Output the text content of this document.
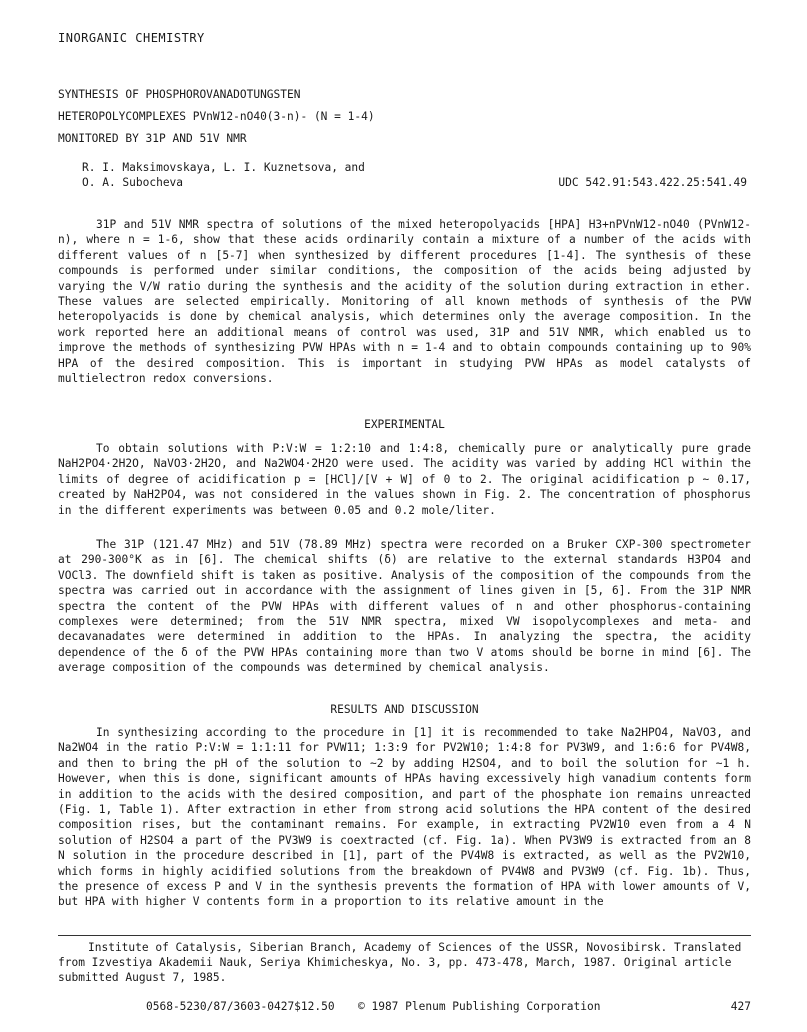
INORGANIC CHEMISTRY
SYNTHESIS OF PHOSPHOROVANADOTUNGSTEN
HETEROPOLYCOMPLEXES PVnW12-nO40(3-n)- (N = 1-4)
MONITORED BY 31P AND 51V NMR
R. I. Maksimovskaya, L. I. Kuznetsova, and
O. A. Subocheva	UDC 542.91:543.422.25:541.49

31P and 51V NMR spectra of solutions of the mixed heteropolyacids [HPA] H3+nPVnW12-nO40 (PVnW12-n), where n = 1-6, show that these acids ordinarily contain a mixture of a number of the acids with different values of n [5-7] when synthesized by different procedures [1-4]. The synthesis of these compounds is performed under similar conditions, the composition of the acids being adjusted by varying the V/W ratio during the synthesis and the acidity of the solution during extraction in ether. These values are selected empirically. Monitoring of all known methods of synthesis of the PVW heteropolyacids is done by chemical analysis, which determines only the average composition. In the work reported here an additional means of control was used, 31P and 51V NMR, which enabled us to improve the methods of synthesizing PVW HPAs with n = 1-4 and to obtain compounds containing up to 90% HPA of the desired composition. This is important in studying PVW HPAs as model catalysts of multielectron redox conversions.

EXPERIMENTAL

To obtain solutions with P:V:W = 1:2:10 and 1:4:8, chemically pure or analytically pure grade NaH2PO4·2H2O, NaVO3·2H2O, and Na2WO4·2H2O were used. The acidity was varied by adding HCl within the limits of degree of acidification p = [HCl]/[V + W] of 0 to 2. The original acidification p ~ 0.17, created by NaH2PO4, was not considered in the values shown in Fig. 2. The concentration of phosphorus in the different experiments was between 0.05 and 0.2 mole/liter.

The 31P (121.47 MHz) and 51V (78.89 MHz) spectra were recorded on a Bruker CXP-300 spectrometer at 290-300°K as in [6]. The chemical shifts (δ) are relative to the external standards H3PO4 and VOCl3. The downfield shift is taken as positive. Analysis of the composition of the compounds from the spectra was carried out in accordance with the assignment of lines given in [5, 6]. From the 31P NMR spectra the content of the PVW HPAs with different values of n and other phosphorus-containing complexes were determined; from the 51V NMR spectra, mixed VW isopolycomplexes and meta- and decavanadates were determined in addition to the HPAs. In analyzing the spectra, the acidity dependence of the δ of the PVW HPAs containing more than two V atoms should be borne in mind [6]. The average composition of the compounds was determined by chemical analysis.

RESULTS AND DISCUSSION

In synthesizing according to the procedure in [1] it is recommended to take Na2HPO4, NaVO3, and Na2WO4 in the ratio P:V:W = 1:1:11 for PVW11; 1:3:9 for PV2W10; 1:4:8 for PV3W9, and 1:6:6 for PV4W8, and then to bring the pH of the solution to ~2 by adding H2SO4, and to boil the solution for ~1 h. However, when this is done, significant amounts of HPAs having excessively high vanadium contents form in addition to the acids with the desired composition, and part of the phosphate ion remains unreacted (Fig. 1, Table 1). After extraction in ether from strong acid solutions the HPA content of the desired composition rises, but the contaminant remains. For example, in extracting PV2W10 even from a 4 N solution of H2SO4 a part of the PV3W9 is coextracted (cf. Fig. 1a). When PV3W9 is extracted from an 8 N solution in the procedure described in [1], part of the PV4W8 is extracted, as well as the PV2W10, which forms in highly acidified solutions from the breakdown of PV4W8 and PV3W9 (cf. Fig. 1b). Thus, the presence of excess P and V in the synthesis prevents the formation of HPA with lower amounts of V, but HPA with higher V contents form in a proportion to its relative amount in the

Institute of Catalysis, Siberian Branch, Academy of Sciences of the USSR, Novosibirsk. Translated from Izvestiya Akademii Nauk, Seriya Khimicheskya, No. 3, pp. 473-478, March, 1987. Original article submitted August 7, 1985.

0568-5230/87/3603-0427$12.50 © 1987 Plenum Publishing Corporation	427
